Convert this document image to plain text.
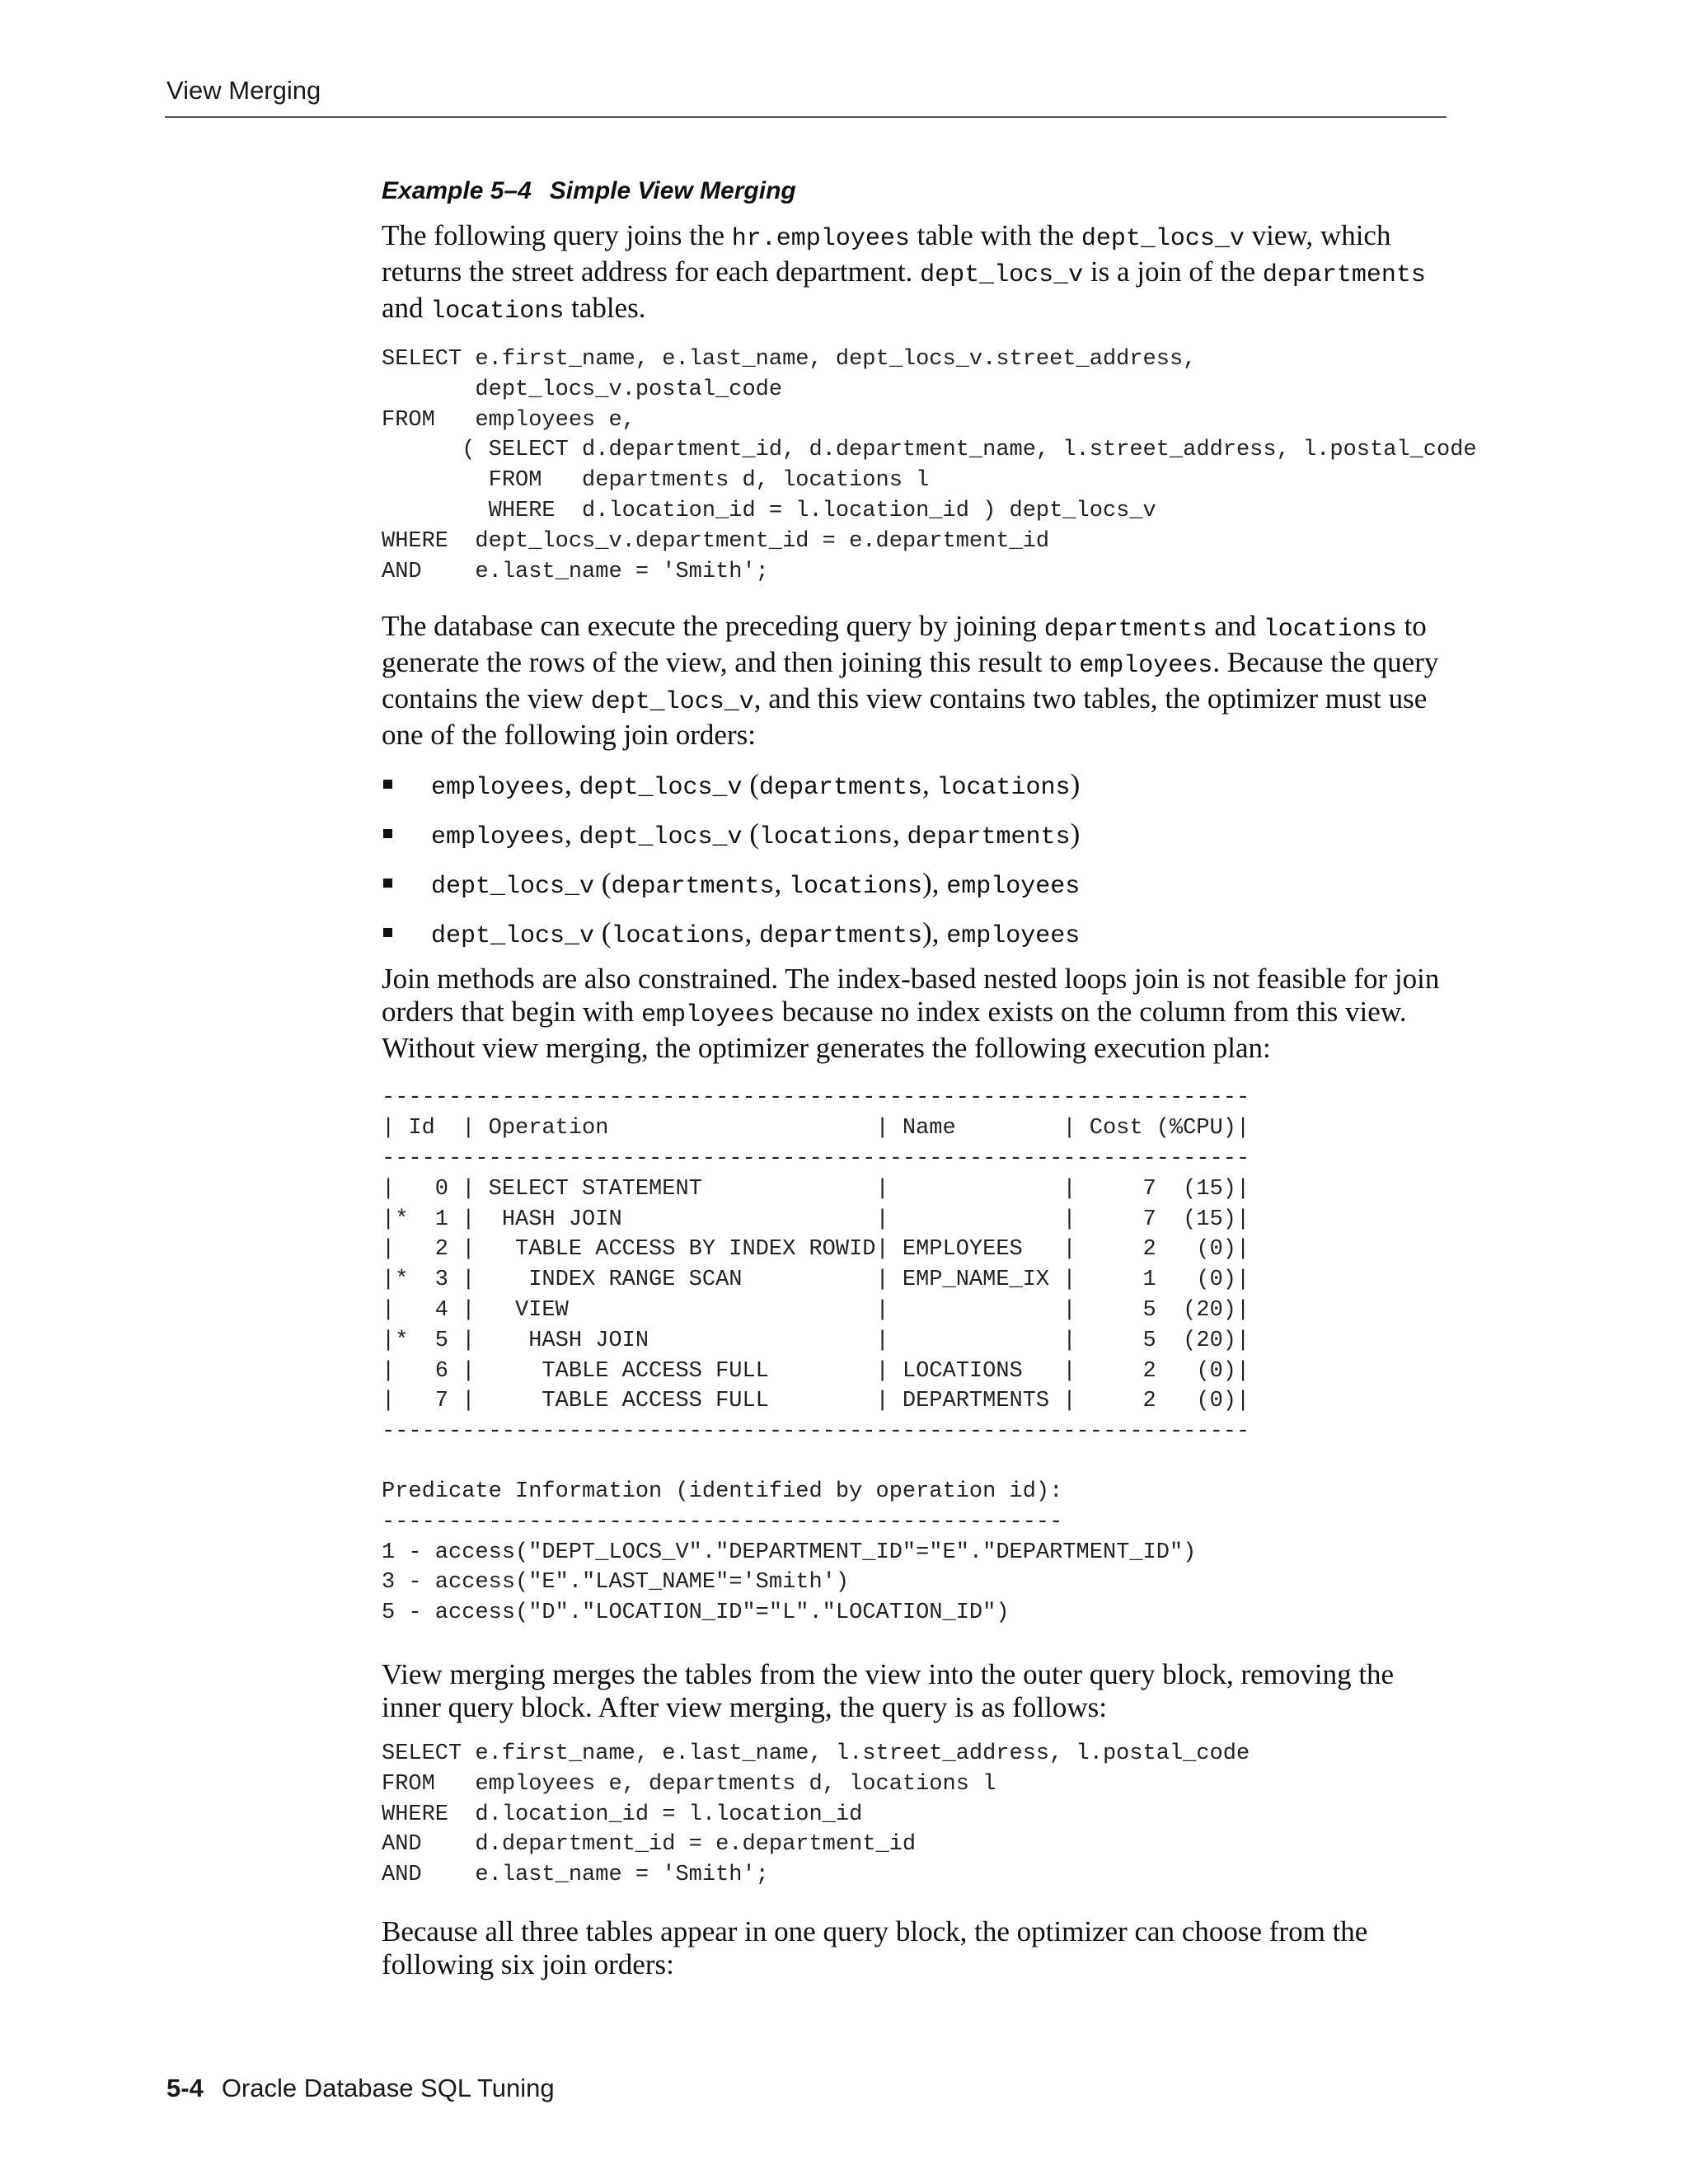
View Merging
Example 5–4 Simple View Merging

The following query joins the hr.employees table with the dept_locs_v view, which returns the street address for each department. dept_locs_v is a join of the departments and locations tables.

SELECT e.first_name, e.last_name, dept_locs_v.street_address,
dept_locs_v.postal_code
FROM   employees e,
( SELECT d.department_id, d.department_name, l.street_address, l.postal_code
FROM   departments d, locations l
WHERE  d.location_id = l.location_id ) dept_locs_v
WHERE  dept_locs_v.department_id = e.department_id
AND    e.last_name = 'Smith';

The database can execute the preceding query by joining departments and locations to generate the rows of the view, and then joining this result to employees. Because the query contains the view dept_locs_v, and this view contains two tables, the optimizer must use one of the following join orders:

employees, dept_locs_v (departments, locations)
employees, dept_locs_v (locations, departments)
dept_locs_v (departments, locations), employees
dept_locs_v (locations, departments), employees

Join methods are also constrained. The index-based nested loops join is not feasible for join orders that begin with employees because no index exists on the column from this view. Without view merging, the optimizer generates the following execution plan:

-----------------------------------------------------------------
| Id  | Operation                    | Name        | Cost (%CPU)|
-----------------------------------------------------------------
|   0 | SELECT STATEMENT             |             |     7  (15)|
|*  1 |  HASH JOIN                   |             |     7  (15)|
|   2 |   TABLE ACCESS BY INDEX ROWID| EMPLOYEES   |     2   (0)|
|*  3 |    INDEX RANGE SCAN          | EMP_NAME_IX |     1   (0)|
|   4 |   VIEW                       |             |     5  (20)|
|*  5 |    HASH JOIN                 |             |     5  (20)|
|   6 |     TABLE ACCESS FULL        | LOCATIONS   |     2   (0)|
|   7 |     TABLE ACCESS FULL        | DEPARTMENTS |     2   (0)|
-----------------------------------------------------------------
Predicate Information (identified by operation id):
---------------------------------------------------
1 - access("DEPT_LOCS_V"."DEPARTMENT_ID"="E"."DEPARTMENT_ID")
3 - access("E"."LAST_NAME"='Smith')
5 - access("D"."LOCATION_ID"="L"."LOCATION_ID")

View merging merges the tables from the view into the outer query block, removing the inner query block. After view merging, the query is as follows:

SELECT e.first_name, e.last_name, l.street_address, l.postal_code
FROM   employees e, departments d, locations l
WHERE  d.location_id = l.location_id
AND    d.department_id = e.department_id
AND    e.last_name = 'Smith';

Because all three tables appear in one query block, the optimizer can choose from the following six join orders:

5-4 Oracle Database SQL Tuning
